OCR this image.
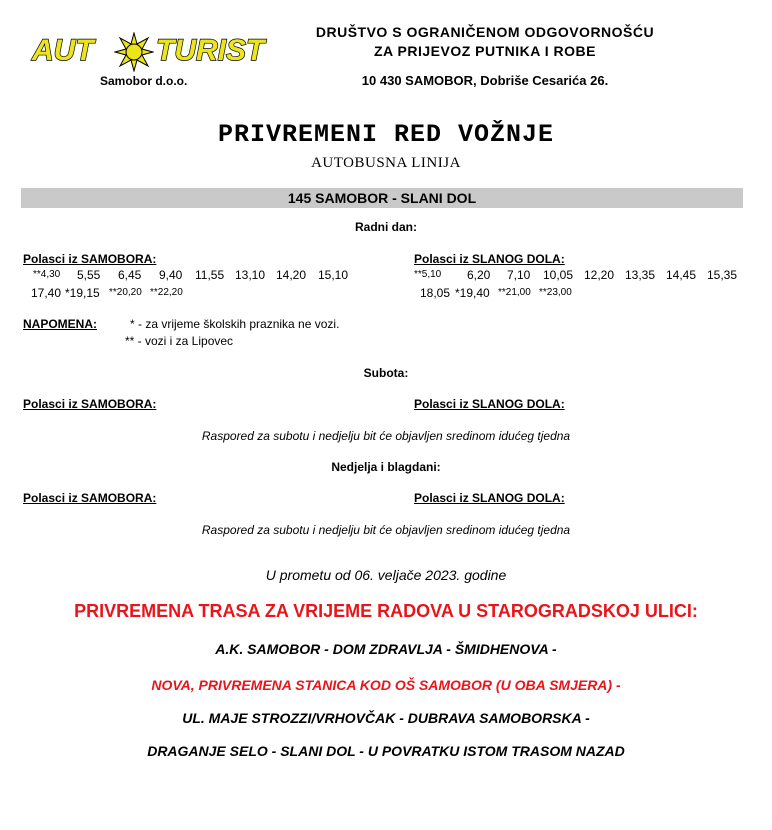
AUT TURIST
Samobor d.o.o.
DRUŠTVO S OGRANIČENOM ODGOVORNOŠĆU
ZA PRIJEVOZ PUTNIKA I ROBE
10 430 SAMOBOR, Dobriše Cesarića 26.
PRIVREMENI RED VOŽNJE
AUTOBUSNA LINIJA
145 SAMOBOR - SLANI DOL
Radni dan:
Polasci iz SAMOBORA:	Polasci iz SLANOG DOLA:
**4,30 5,55 6,45 9,40 11,55 13,10 14,20 15,10
17,40 *19,15 **20,20 **22,20
**5,10 6,20 7,10 10,05 12,20 13,35 14,45 15,35
18,05 *19,40 **21,00 **23,00
NAPOMENA:	* - za vrijeme školskih praznika ne vozi.
** - vozi i za Lipovec
Subota:
Polasci iz SAMOBORA:	Polasci iz SLANOG DOLA:
Raspored za subotu i nedjelju bit će objavljen sredinom idućeg tjedna
Nedjelja i blagdani:
Polasci iz SAMOBORA:	Polasci iz SLANOG DOLA:
Raspored za subotu i nedjelju bit će objavljen sredinom idućeg tjedna
U prometu od 06. veljače 2023. godine
PRIVREMENA TRASA ZA VRIJEME RADOVA U STAROGRADSKOJ ULICI:
A.K. SAMOBOR - DOM ZDRAVLJA - ŠMIDHENOVA -
NOVA, PRIVREMENA STANICA KOD OŠ SAMOBOR (U OBA SMJERA) -
UL. MAJE STROZZI/VRHOVČAK - DUBRAVA SAMOBORSKA -
DRAGANJE SELO - SLANI DOL - U POVRATKU ISTOM TRASOM NAZAD
